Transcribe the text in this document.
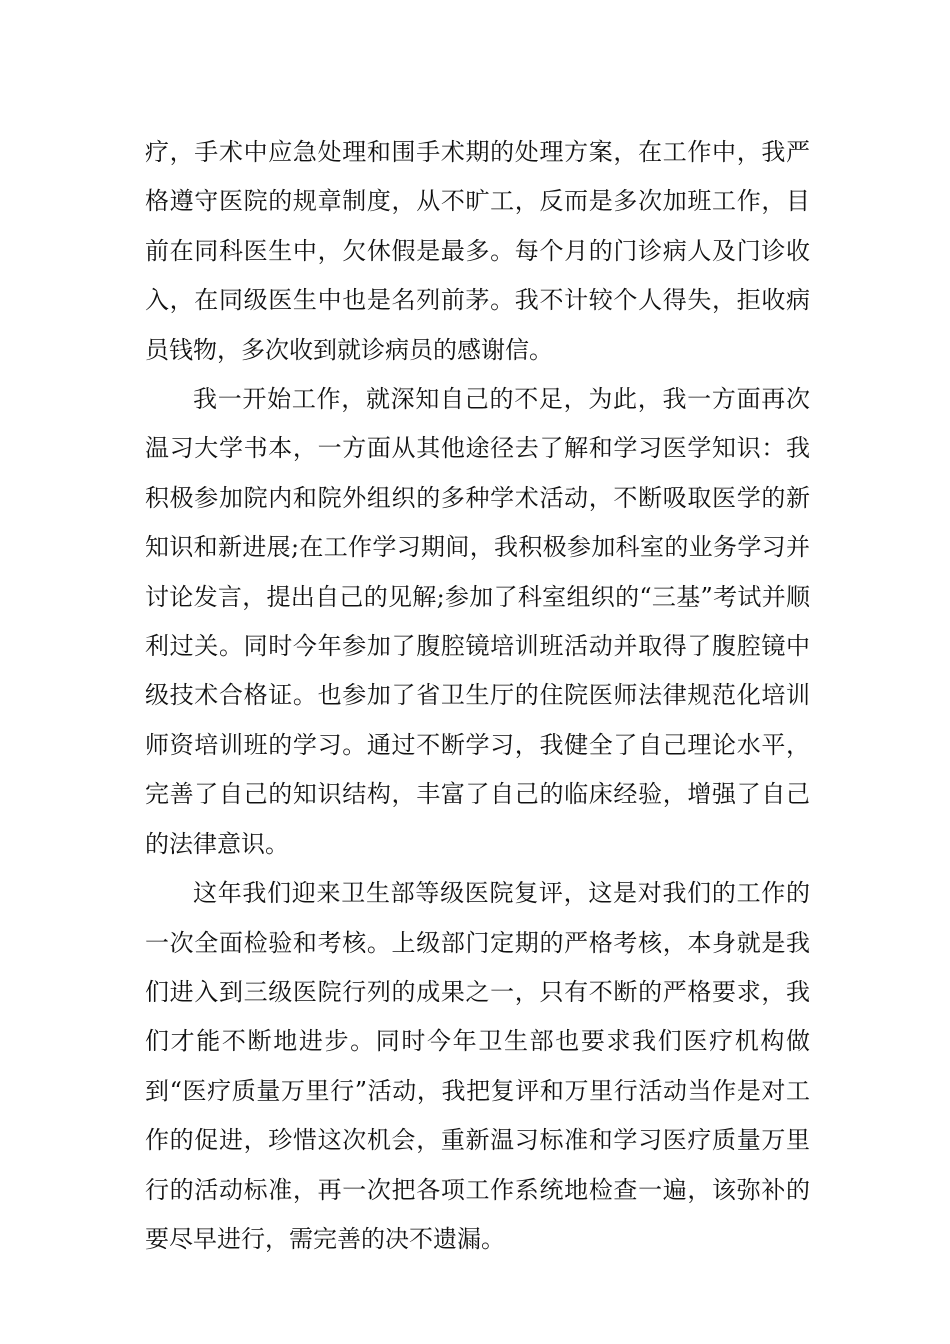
疗，手术中应急处理和围手术期的处理方案，在工作中，我严格遵守医院的规章制度，从不旷工，反而是多次加班工作，目前在同科医生中，欠休假是最多。每个月的门诊病人及门诊收入，在同级医生中也是名列前茅。我不计较个人得失，拒收病员钱物，多次收到就诊病员的感谢信。

我一开始工作，就深知自己的不足，为此，我一方面再次温习大学书本，一方面从其他途径去了解和学习医学知识：我积极参加院内和院外组织的多种学术活动，不断吸取医学的新知识和新进展;在工作学习期间，我积极参加科室的业务学习并讨论发言，提出自己的见解;参加了科室组织的“三基”考试并顺利过关。同时今年参加了腹腔镜培训班活动并取得了腹腔镜中级技术合格证。也参加了省卫生厅的住院医师法律规范化培训师资培训班的学习。通过不断学习，我健全了自己理论水平，完善了自己的知识结构，丰富了自己的临床经验，增强了自己的法律意识。

这年我们迎来卫生部等级医院复评，这是对我们的工作的一次全面检验和考核。上级部门定期的严格考核，本身就是我们进入到三级医院行列的成果之一，只有不断的严格要求，我们才能不断地进步。同时今年卫生部也要求我们医疗机构做到“医疗质量万里行”活动，我把复评和万里行活动当作是对工作的促进，珍惜这次机会，重新温习标准和学习医疗质量万里行的活动标准，再一次把各项工作系统地检查一遍，该弥补的要尽早进行，需完善的决不遗漏。
